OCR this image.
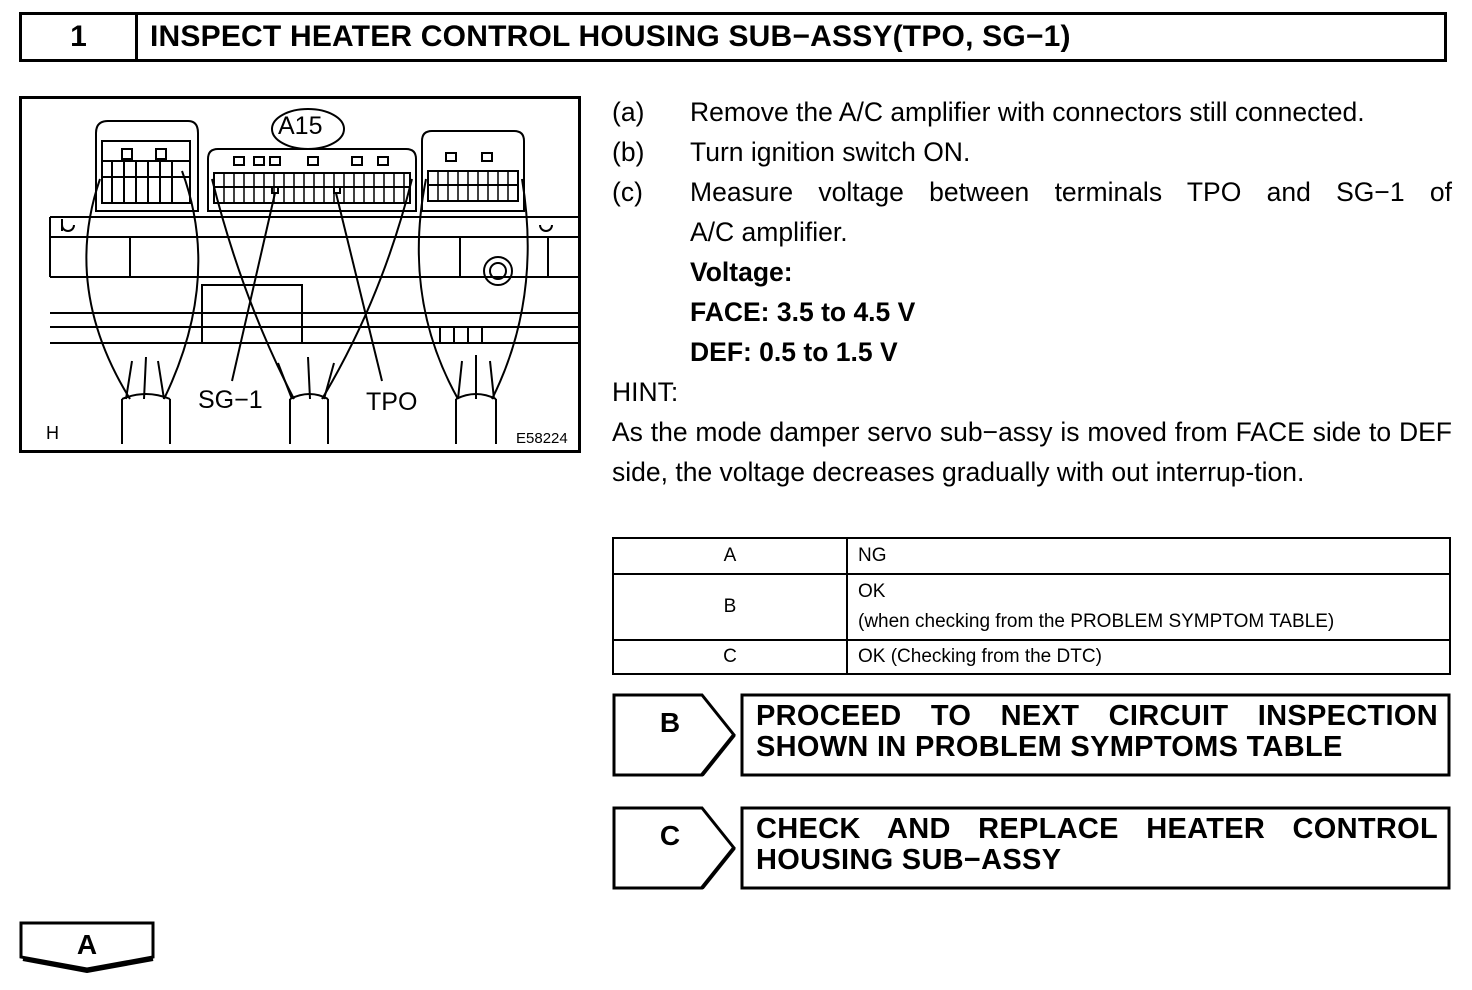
1	INSPECT HEATER CONTROL HOUSING SUB−ASSY(TPO, SG−1)
A15
SG−1	TPO
H	E58224
(a)	Remove the A/C amplifier with connectors still connected.
(b)	Turn ignition switch ON.
(c)	Measure voltage between terminals TPO and SG−1 of
A/C amplifier.
Voltage:
FACE: 3.5 to 4.5 V
DEF: 0.5 to 1.5 V
HINT:
As the mode damper servo sub−assy is moved from FACE side to DEF side, the voltage decreases gradually with out interrup-tion.
A	NG
B	OK
(when checking from the PROBLEM SYMPTOM TABLE)

C	OK (Checking from the DTC)
B	PROCEED TO NEXT CIRCUIT INSPECTION
SHOWN IN PROBLEM SYMPTOMS TABLE
C	CHECK AND REPLACE HEATER CONTROL
HOUSING SUB−ASSY
A
